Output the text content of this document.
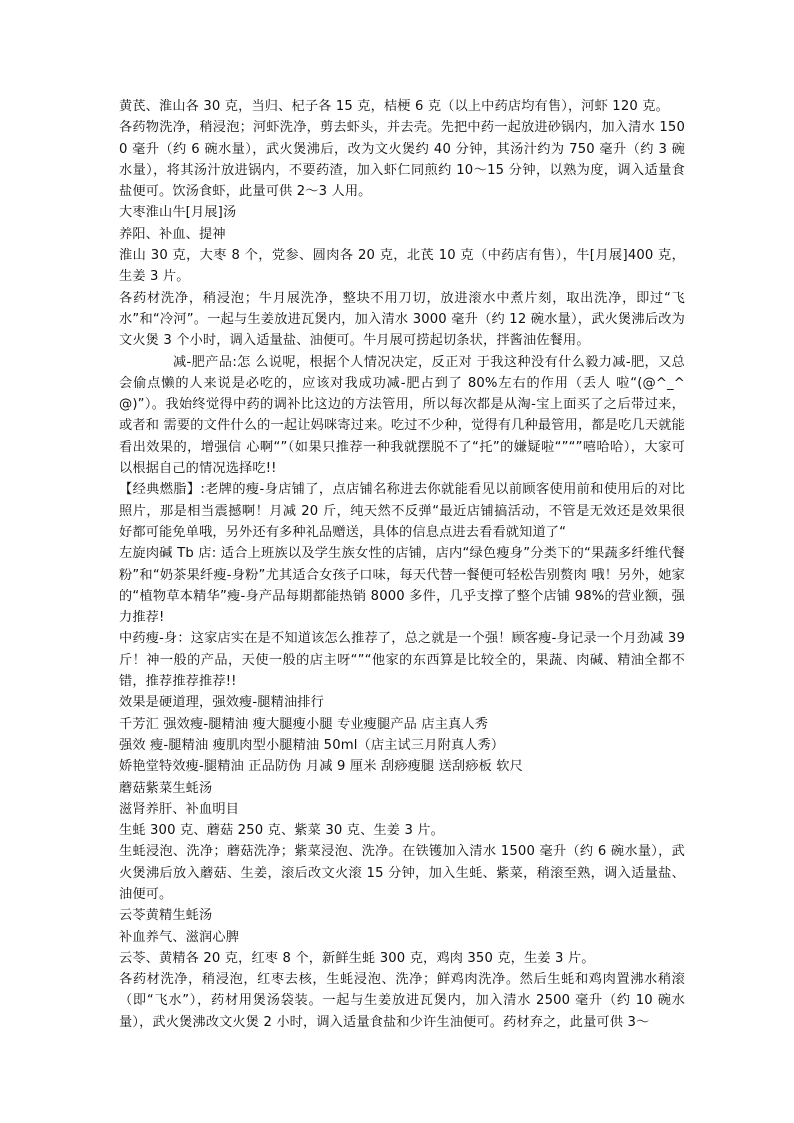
黄芪、淮山各 30 克，当归、杞子各 15 克，桔梗 6 克（以上中药店均有售），河虾 120 克。

各药物洗净，稍浸泡；河虾洗净，剪去虾头，并去壳。先把中药一起放进砂锅内，加入清水 1500 毫升（约 6 碗水量），武火煲沸后，改为文火煲约 40 分钟，其汤汁约为 750 毫升（约 3 碗水量），将其汤汁放进锅内，不要药渣，加入虾仁同煎约 10～15 分钟，以熟为度，调入适量食盐便可。饮汤食虾，此量可供 2～3 人用。

大枣淮山牛[月展]汤

养阳、补血、提神

淮山 30 克，大枣 8 个，党参、圆肉各 20 克，北芪 10 克（中药店有售），牛[月展]400 克，生姜 3 片。

各药材洗净，稍浸泡；牛月展洗净，整块不用刀切，放进滚水中煮片刻，取出洗净，即过“飞水”和“冷河”。一起与生姜放进瓦煲内，加入清水 3000 毫升（约 12 碗水量），武火煲沸后改为文火煲 3 个小时，调入适量盐、油便可。牛月展可捞起切条状，拌酱油佐餐用。

减-肥产品:怎 么说呢，根据个人情况决定，反正对 于我这种没有什么毅力减-肥，又总会偷点懒的人来说是必吃的，应该对我成功减-肥占到了 80%左右的作用（丢人 啦“(@^_^@)”）。我始终觉得中药的调补比这边的方法管用，所以每次都是从淘-宝上面买了之后带过来，或者和 需要的文件什么的一起让妈咪寄过来。吃过不少种，觉得有几种最管用，都是吃几天就能看出效果的，增强信 心啊“”（如果只推荐一种我就摆脱不了“托”的嫌疑啦“”“”嘻哈哈），大家可以根据自己的情况选择吃!!

【经典燃脂】:老牌的瘦-身店铺了，点店铺名称进去你就能看见以前顾客使用前和使用后的对比照片，那是相当震撼啊！月减 20 斤，纯天然不反弹“最近店铺搞活动，不管是无效还是效果很好都可能免单哦，另外还有多种礼品赠送，具体的信息点进去看看就知道了“

左旋肉碱 Tb 店: 适合上班族以及学生族女性的店铺，店内“绿色瘦身”分类下的“果蔬多纤维代餐粉”和“奶茶果纤瘦-身粉”尤其适合女孩子口味，每天代替一餐便可轻松告别赘肉 哦！另外，她家的“植物草本精华”瘦-身产品每期都能热销 8000 多件，几乎支撑了整个店铺 98%的营业额，强力推荐!

中药瘦-身：这家店实在是不知道该怎么推荐了，总之就是一个强！顾客瘦-身记录一个月劲减 39 斤！神一般的产品，天使一般的店主呀“”“他家的东西算是比较全的，果蔬、肉碱、精油全都不错，推荐推荐推荐!!

效果是硬道理，强效瘦-腿精油排行

千芳汇 强效瘦-腿精油 瘦大腿瘦小腿 专业瘦腿产品 店主真人秀

强效 瘦-腿精油 瘦肌肉型小腿精油 50ml（店主试三月附真人秀）

娇艳堂特效瘦-腿精油 正品防伪 月减 9 厘米 刮痧瘦腿 送刮痧板 软尺

蘑菇紫菜生蚝汤

滋肾养肝、补血明目

生蚝 300 克、蘑菇 250 克、紫菜 30 克、生姜 3 片。

生蚝浸泡、洗净；蘑菇洗净；紫菜浸泡、洗净。在铁镬加入清水 1500 毫升（约 6 碗水量），武火煲沸后放入蘑菇、生姜，滚后改文火滚 15 分钟，加入生蚝、紫菜，稍滚至熟，调入适量盐、油便可。

云苓黄精生蚝汤

补血养气、滋润心脾

云苓、黄精各 20 克，红枣 8 个，新鲜生蚝 300 克，鸡肉 350 克，生姜 3 片。

各药材洗净，稍浸泡，红枣去核，生蚝浸泡、洗净；鲜鸡肉洗净。然后生蚝和鸡肉置沸水稍滚（即“飞水”），药材用煲汤袋装。一起与生姜放进瓦煲内，加入清水 2500 毫升（约 10 碗水量），武火煲沸改文火煲 2 小时，调入适量食盐和少许生油便可。药材弃之，此量可供 3～
